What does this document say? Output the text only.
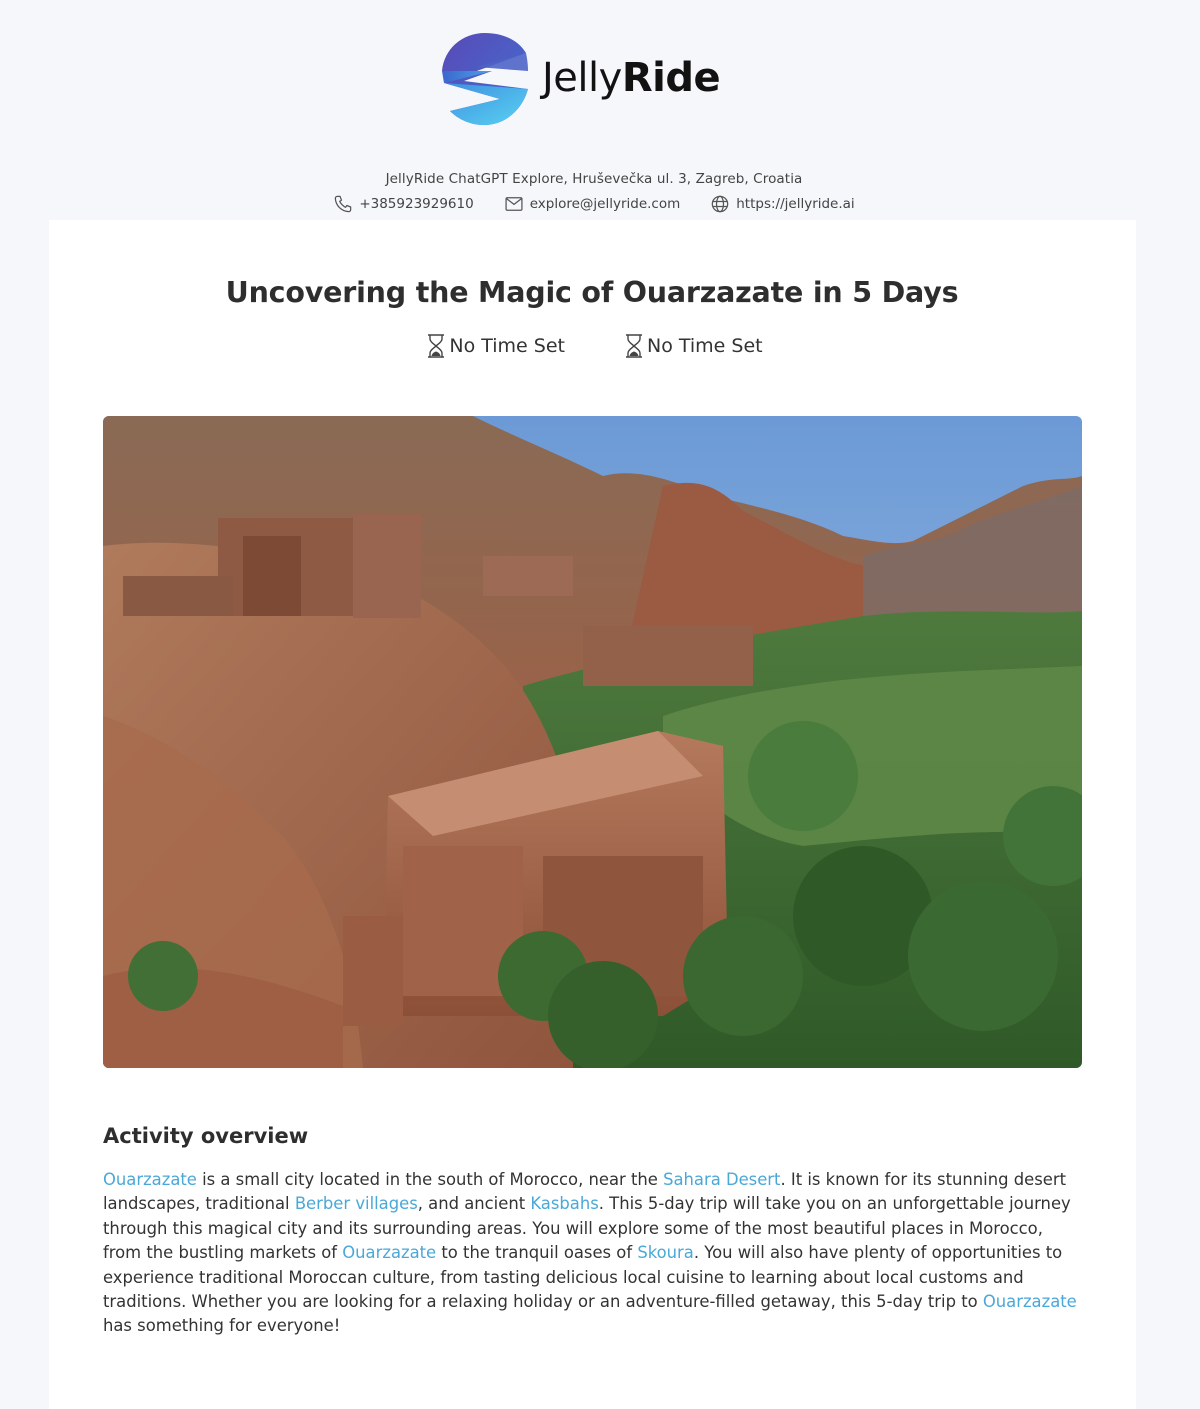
JellyRide
JellyRide ChatGPT Explore, Hruševečka ul. 3, Zagreb, Croatia
+385923929610	explore@jellyride.com	https://jellyride.ai
Uncovering the Magic of Ouarzazate in 5 Days
No Time Set	No Time Set
Activity overview

Ouarzazate is a small city located in the south of Morocco, near the Sahara Desert. It is known for its stunning desert landscapes, traditional Berber villages, and ancient Kasbahs. This 5-day trip will take you on an unforgettable journey through this magical city and its surrounding areas. You will explore some of the most beautiful places in Morocco, from the bustling markets of Ouarzazate to the tranquil oases of Skoura. You will also have plenty of opportunities to experience traditional Moroccan culture, from tasting delicious local cuisine to learning about local customs and traditions. Whether you are looking for a relaxing holiday or an adventure-filled getaway, this 5-day trip to Ouarzazate has something for everyone!
